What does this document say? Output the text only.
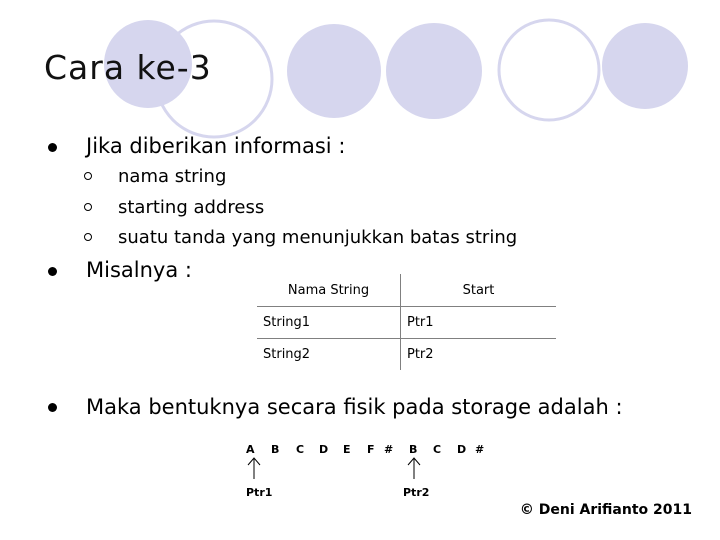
Cara ke-3
Jika diberikan informasi :
nama string
starting address
suatu tanda yang menunjukkan batas string
Misalnya :
Nama String	Start
String1	Ptr1
String2	Ptr2
Maka bentuknya secara fisik pada storage adalah :
A B C D E F # B C D #
Ptr1	Ptr2
© Deni Arifianto 2011
